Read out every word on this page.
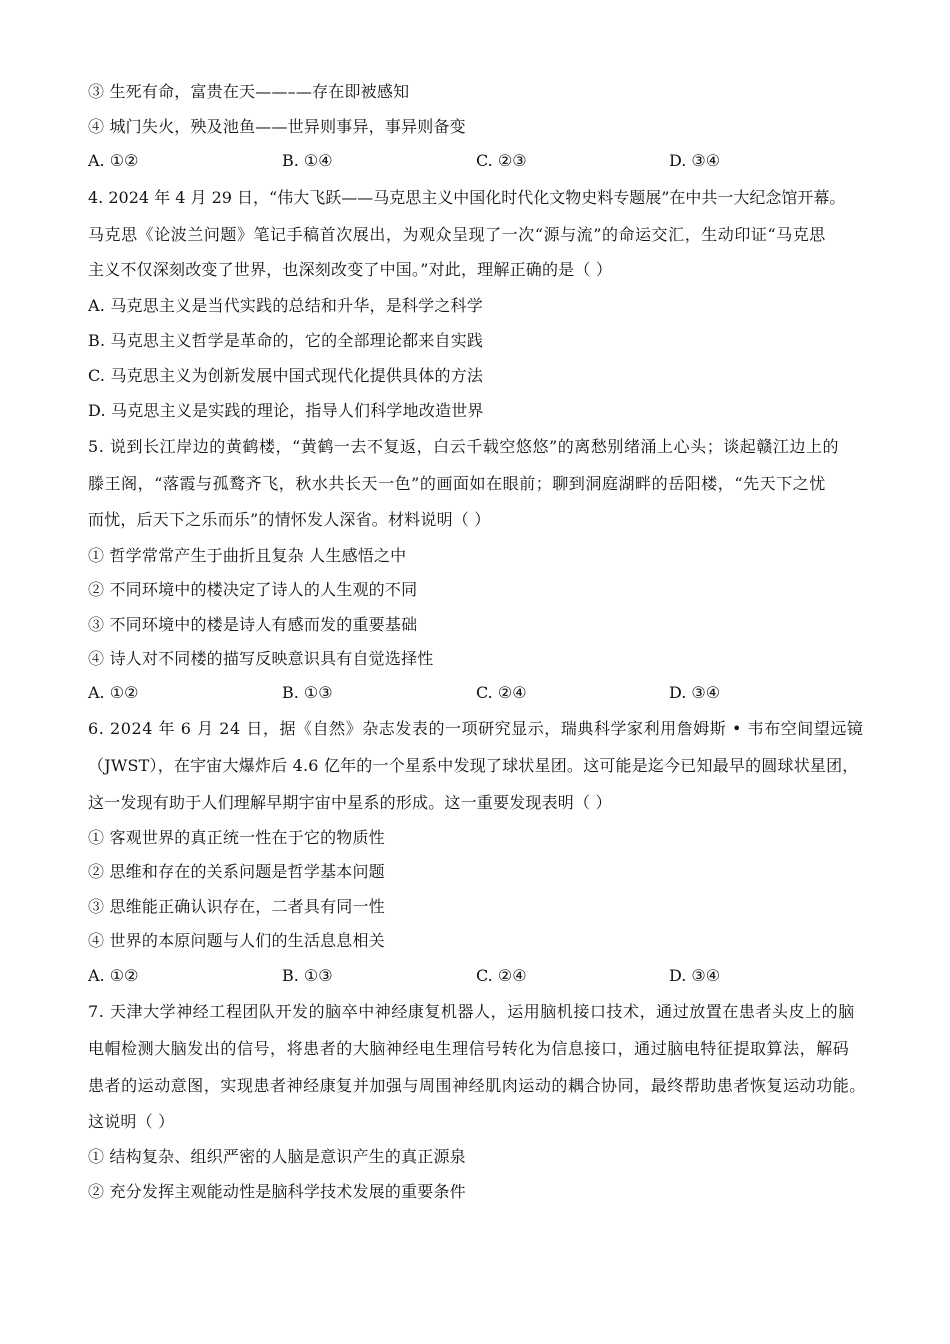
③ 生死有命，富贵在天——–—存在即被感知
④ 城门失火，殃及池鱼——世异则事异，事异则备变
A. ①②	B. ①④	C. ②③	D. ③④
4. 2024 年 4 月 29 日，“伟大飞跃——马克思主义中国化时代化文物史料专题展”在中共一大纪念馆开幕。
马克思《论波兰问题》笔记手稿首次展出，为观众呈现了一次“源与流”的命运交汇，生动印证“马克思
主义不仅深刻改变了世界，也深刻改变了中国。”对此，理解正确的是（ ）
A. 马克思主义是当代实践的总结和升华，是科学之科学
B. 马克思主义哲学是革命的，它的全部理论都来自实践
C. 马克思主义为创新发展中国式现代化提供具体的方法
D. 马克思主义是实践的理论，指导人们科学地改造世界
5. 说到长江岸边的黄鹤楼，“黄鹤一去不复返，白云千载空悠悠”的离愁别绪涌上心头；谈起赣江边上的
滕王阁，“落霞与孤鹜齐飞，秋水共长天一色”的画面如在眼前；聊到洞庭湖畔的岳阳楼，“先天下之忧
而忧，后天下之乐而乐”的情怀发人深省。材料说明（ ）
① 哲学常常产生于曲折且复杂 人生感悟之中
② 不同环境中的楼决定了诗人的人生观的不同
③ 不同环境中的楼是诗人有感而发的重要基础
④ 诗人对不同楼的描写反映意识具有自觉选择性
A. ①②	B. ①③	C. ②④	D. ③④
6. 2024 年 6 月 24 日，据《自然》杂志发表的一项研究显示，瑞典科学家利用詹姆斯 • 韦布空间望远镜
（JWST），在宇宙大爆炸后 4.6 亿年的一个星系中发现了球状星团。这可能是迄今已知最早的圆球状星团，
这一发现有助于人们理解早期宇宙中星系的形成。这一重要发现表明（ ）
① 客观世界的真正统一性在于它的物质性
② 思维和存在的关系问题是哲学基本问题
③ 思维能正确认识存在，二者具有同一性
④ 世界的本原问题与人们的生活息息相关
A. ①②	B. ①③	C. ②④	D. ③④
7. 天津大学神经工程团队开发的脑卒中神经康复机器人，运用脑机接口技术，通过放置在患者头皮上的脑
电帽检测大脑发出的信号，将患者的大脑神经电生理信号转化为信息接口，通过脑电特征提取算法，解码
患者的运动意图，实现患者神经康复并加强与周围神经肌肉运动的耦合协同，最终帮助患者恢复运动功能。
这说明（ ）
① 结构复杂、组织严密的人脑是意识产生的真正源泉
② 充分发挥主观能动性是脑科学技术发展的重要条件
